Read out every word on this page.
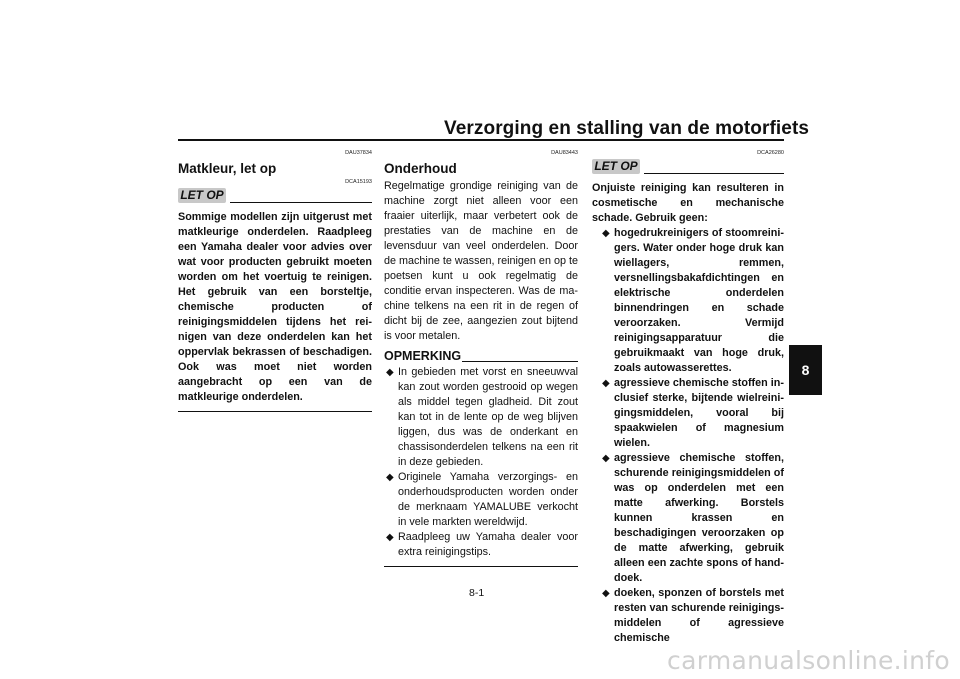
Verzorging en stalling van de motorfiets
8
DAU37834
Matkleur, let op
DCA15193
LET OP
Sommige modellen zijn uitgerust met matkleurige onderdelen. Raadpleeg een Yamaha dealer voor advies over wat voor producten gebruikt moeten worden om het voertuig te reinigen. Het gebruik van een borsteltje, chemische producten of reinigingsmiddelen tijdens het reinigen van deze onderdelen kan het oppervlak bekrassen of beschadigen. Ook was moet niet worden aangebracht op een van de matkleurige onderdelen.
DAU83443
Onderhoud
Regelmatige grondige reiniging van de machine zorgt niet alleen voor een fraaier uiterlijk, maar verbetert ook de prestaties van de machine en de levensduur van veel onderdelen. Door de machine te wassen, reinigen en op te poetsen kunt u ook regelmatig de conditie ervan inspecteren. Was de machine telkens na een rit in de regen of dicht bij de zee, aangezien zout bijtend is voor metalen.
OPMERKING
◆ In gebieden met vorst en sneeuwval kan zout worden gestrooid op wegen als middel tegen gladheid. Dit zout kan tot in de lente op de weg blijven liggen, dus was de onderkant en chassisonderdelen telkens na een rit in deze gebieden.
◆ Originele Yamaha verzorgings- en onderhoudsproducten worden onder de merknaam YAMALUBE verkocht in vele markten wereldwijd.
◆ Raadpleeg uw Yamaha dealer voor extra reinigingstips.
DCA26280
LET OP
Onjuiste reiniging kan resulteren in cosmetische en mechanische schade. Gebruik geen:
◆ hogedrukreinigers of stoomreinigers. Water onder hoge druk kan wiellagers, remmen, versnellingsbakafdichtingen en elektrische onderdelen binnendringen en schade veroorzaken. Vermijd reinigingsapparatuur die gebruikmaakt van hoge druk, zoals autowasserettes.
◆ agressieve chemische stoffen inclusief sterke, bijtende wielreinigingsmiddelen, vooral bij spaakwielen of magnesium wielen.
◆ agressieve chemische stoffen, schurende reinigingsmiddelen of was op onderdelen met een matte afwerking. Borstels kunnen krassen en beschadigingen veroorzaken op de matte afwerking, gebruik alleen een zachte spons of handdoek.
◆ doeken, sponzen of borstels met resten van schurende reinigingsmiddelen of agressieve chemische
8-1
carmanualsonline.info
